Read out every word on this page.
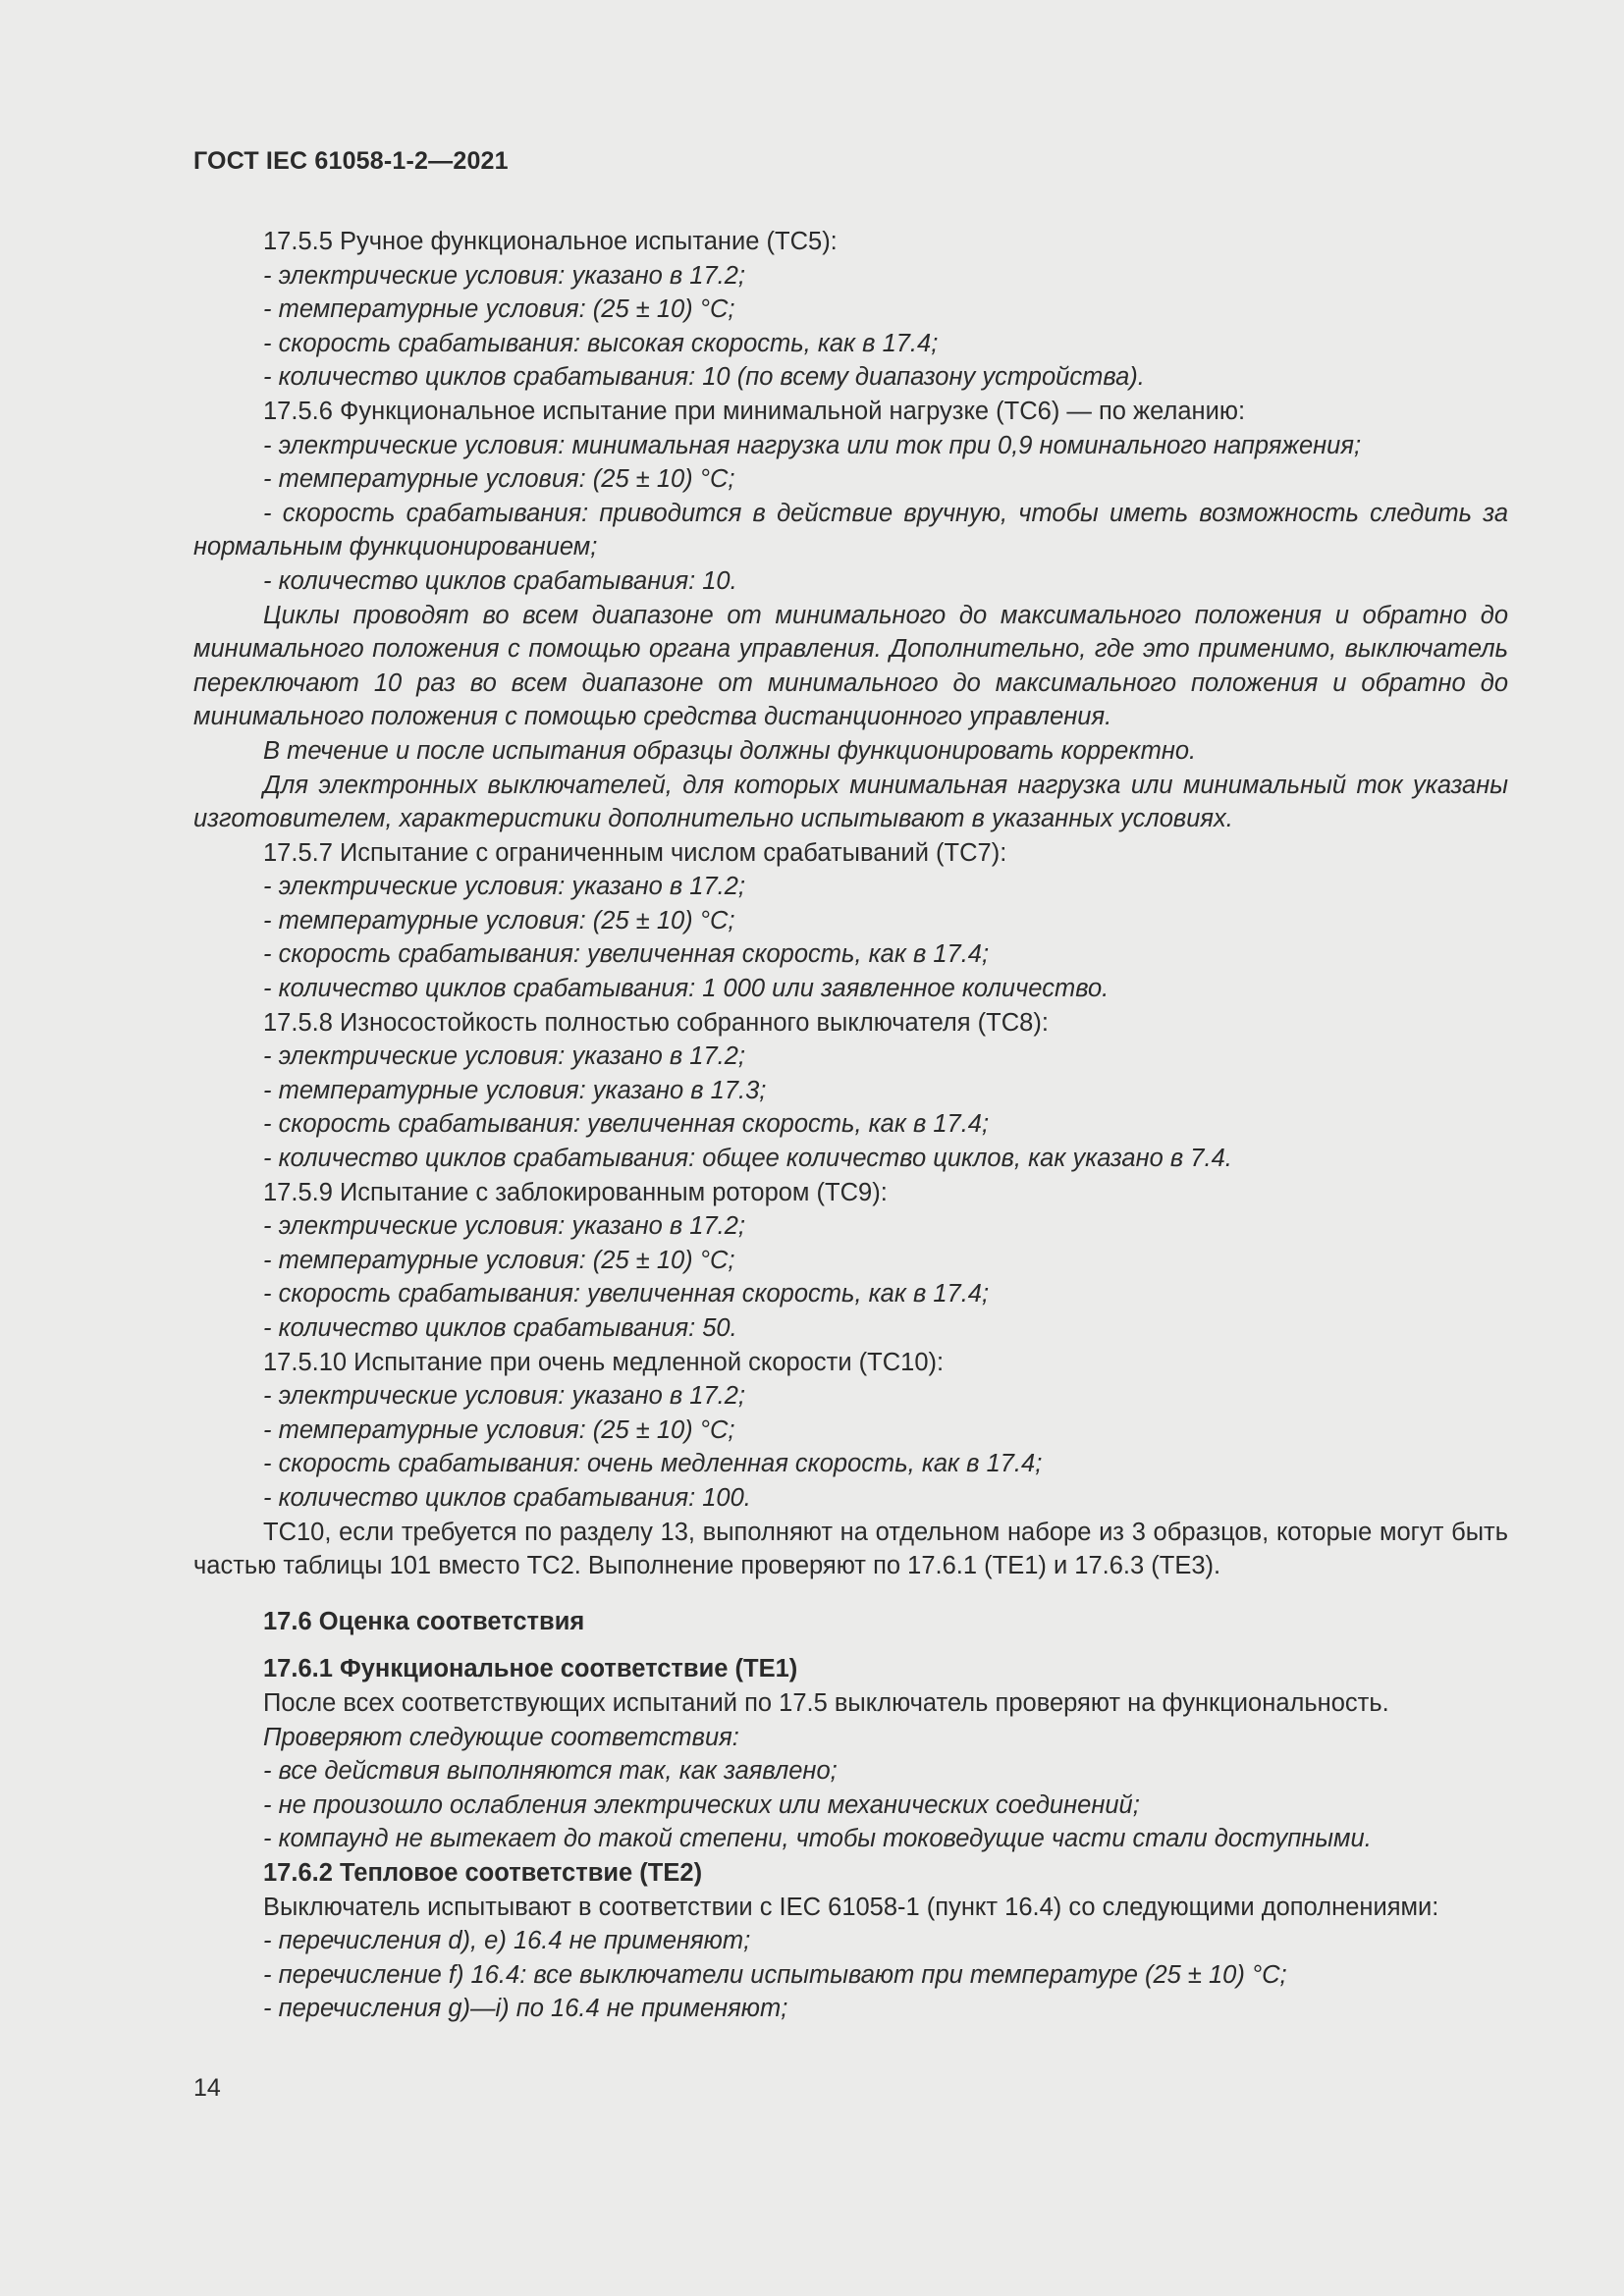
ГОСТ IEC 61058-1-2—2021

17.5.5 Ручное функциональное испытание (ТС5):

- электрические условия: указано в 17.2;

- температурные условия: (25 ± 10) °С;

- скорость срабатывания: высокая скорость, как в 17.4;

- количество циклов срабатывания: 10 (по всему диапазону устройства).

17.5.6 Функциональное испытание при минимальной нагрузке (ТС6) — по желанию:

- электрические условия: минимальная нагрузка или ток при 0,9 номинального напряжения;

- температурные условия: (25 ± 10) °С;

- скорость срабатывания: приводится в действие вручную, чтобы иметь возможность следить за нормальным функционированием;

- количество циклов срабатывания: 10.

Циклы проводят во всем диапазоне от минимального до максимального положения и обратно до минимального положения с помощью органа управления. Дополнительно, где это применимо, выключатель переключают 10 раз во всем диапазоне от минимального до максимального положения и обратно до минимального положения с помощью средства дистанционного управления.

В течение и после испытания образцы должны функционировать корректно.

Для электронных выключателей, для которых минимальная нагрузка или минимальный ток указаны изготовителем, характеристики дополнительно испытывают в указанных условиях.

17.5.7 Испытание с ограниченным числом срабатываний (ТС7):

- электрические условия: указано в 17.2;

- температурные условия: (25 ± 10) °С;

- скорость срабатывания: увеличенная скорость, как в 17.4;

- количество циклов срабатывания: 1 000 или заявленное количество.

17.5.8 Износостойкость полностью собранного выключателя (ТС8):

- электрические условия: указано в 17.2;

- температурные условия: указано в 17.3;

- скорость срабатывания: увеличенная скорость, как в 17.4;

- количество циклов срабатывания: общее количество циклов, как указано в 7.4.

17.5.9 Испытание с заблокированным ротором (ТС9):

- электрические условия: указано в 17.2;

- температурные условия: (25 ± 10) °С;

- скорость срабатывания: увеличенная скорость, как в 17.4;

- количество циклов срабатывания: 50.

17.5.10 Испытание при очень медленной скорости (ТС10):

- электрические условия: указано в 17.2;

- температурные условия: (25 ± 10) °С;

- скорость срабатывания: очень медленная скорость, как в 17.4;

- количество циклов срабатывания: 100.

ТС10, если требуется по разделу 13, выполняют на отдельном наборе из 3 образцов, которые могут быть частью таблицы 101 вместо ТС2. Выполнение проверяют по 17.6.1 (ТЕ1) и 17.6.3 (ТЕ3).

17.6 Оценка соответствия

17.6.1 Функциональное соответствие (ТЕ1)

После всех соответствующих испытаний по 17.5 выключатель проверяют на функциональность.

Проверяют следующие соответствия:

- все действия выполняются так, как заявлено;

- не произошло ослабления электрических или механических соединений;

- компаунд не вытекает до такой степени, чтобы токоведущие части стали доступными.

17.6.2 Тепловое соответствие (ТЕ2)

Выключатель испытывают в соответствии с IEC 61058-1 (пункт 16.4) со следующими дополнениями:

- перечисления d), e) 16.4 не применяют;

- перечисление f) 16.4: все выключатели испытывают при температуре (25 ± 10) °С;

- перечисления g)—i) по 16.4 не применяют;

14
